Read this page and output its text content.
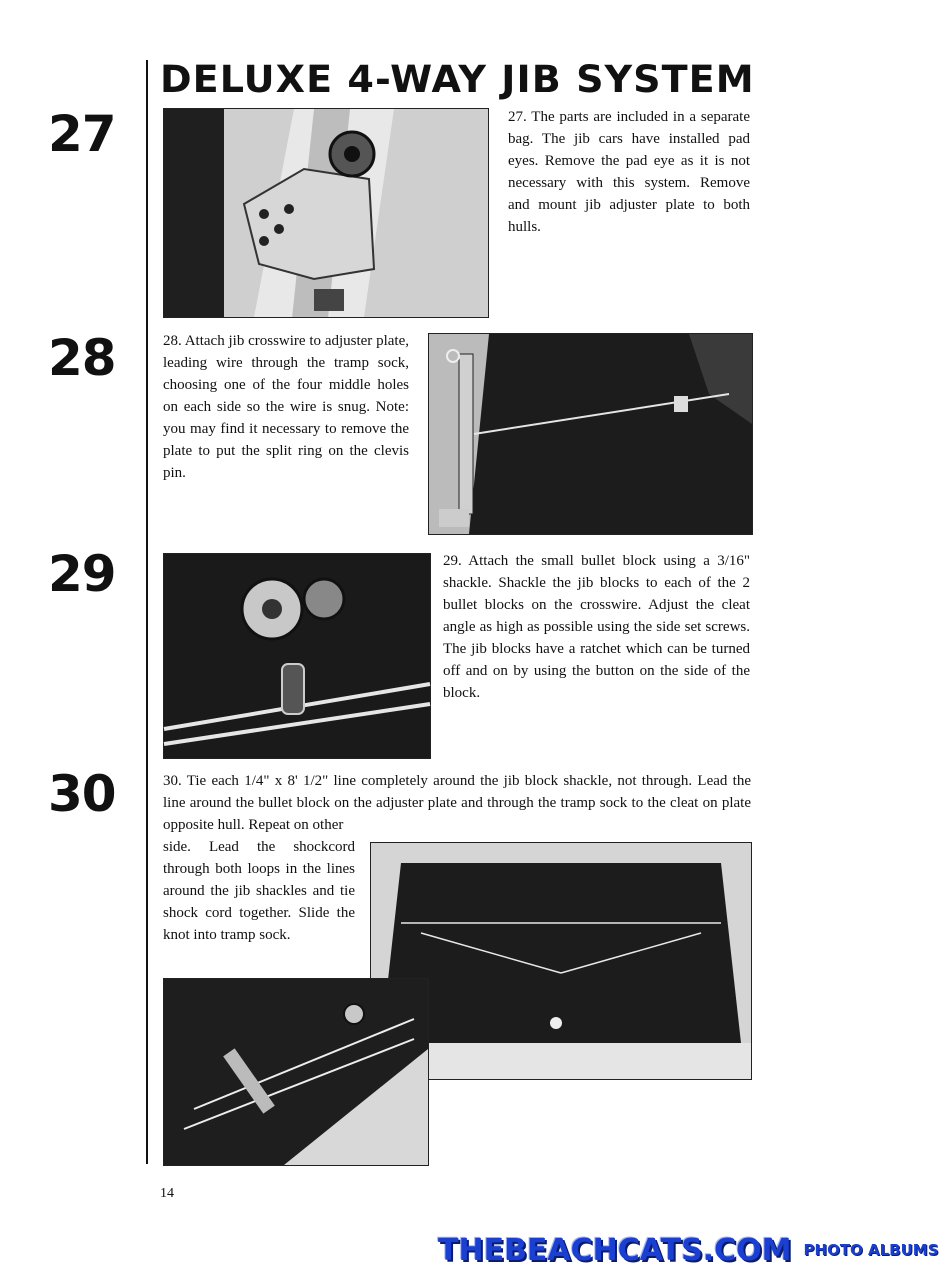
DELUXE 4-WAY JIB SYSTEM
27	27. The parts are included in a separate bag. The jib cars have installed pad eyes. Remove the pad eye as it is not necessary with this system. Remove and mount jib adjuster plate to both hulls.
28	28. Attach jib crosswire to adjuster plate, leading wire through the tramp sock, choosing one of the four middle holes on each side so the wire is snug. Note: you may find it necessary to remove the plate to put the split ring on the clevis pin.
29	29. Attach the small bullet block using a 3/16" shackle. Shackle the jib blocks to each of the 2 bullet blocks on the crosswire. Adjust the cleat angle as high as possible using the side set screws. The jib blocks have a ratchet which can be turned off and on by using the button on the side of the block.
30	30. Tie each 1/4" x 8' 1/2" line completely around the jib block shackle, not through. Lead the line around the bullet block on the adjuster plate and through the tramp sock to the cleat on plate opposite hull. Repeat on other
side. Lead the shockcord through both loops in the lines around the jib shackles and tie shock cord together. Slide the knot into tramp sock.
14
THEBEACHCATS.COM PHOTO ALBUMS
